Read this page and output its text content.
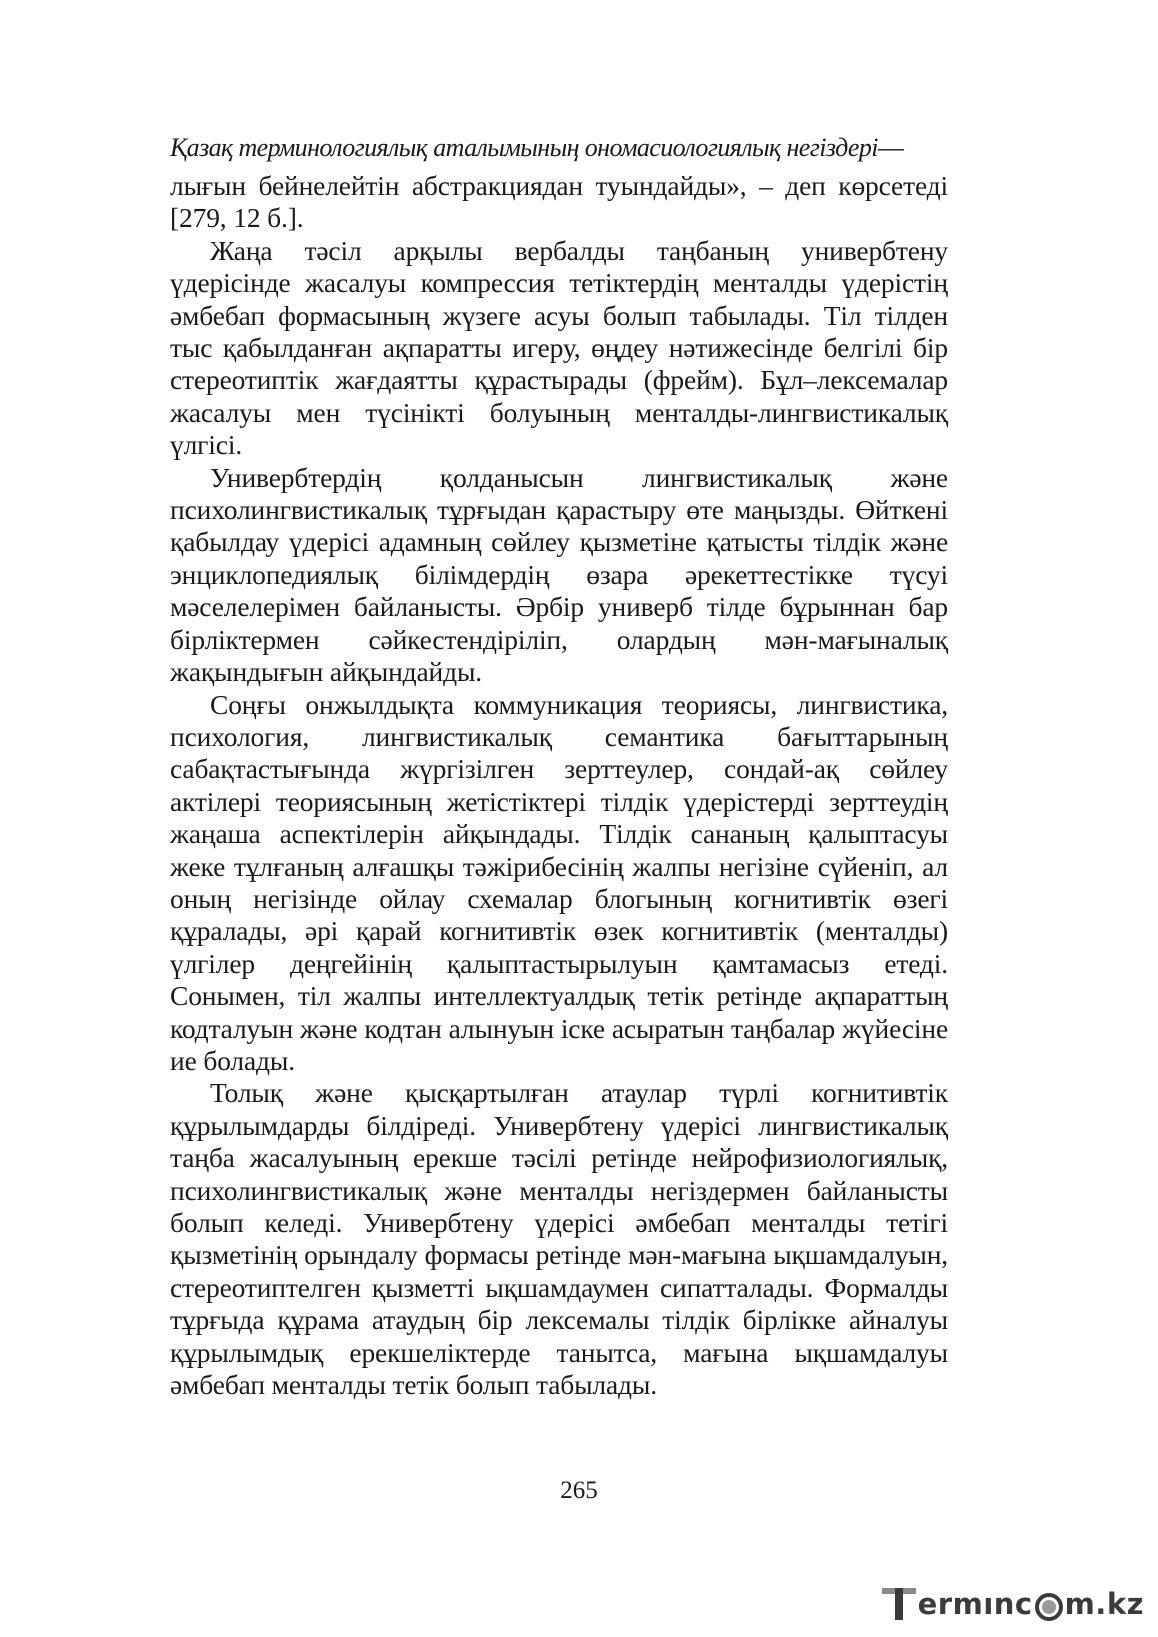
Қазақ терминологиялық аталымының ономасиологиялық негіздері—

лығын бейнелейтін абстракциядан туындайды», – деп көрсетеді [279, 12 б.].

Жаңа тәсіл арқылы вербалды таңбаның универбтену үдерісінде жасалуы компрессия тетіктердің менталды үдерістің әмбебап формасының жүзеге асуы болып табылады. Тіл тілден тыс қабылданған ақпаратты игеру, өңдеу нәтижесінде белгілі бір стереотиптік жағдаятты құрастырады (фрейм). Бұл–лексемалар жасалуы мен түсінікті болуының менталды-лингвистикалық үлгісі.

Универбтердің қолданысын лингвистикалық және психолингвистикалық тұрғыдан қарастыру өте маңызды. Өйткені қабылдау үдерісі адамның сөйлеу қызметіне қатысты тілдік және энциклопедиялық білімдердің өзара әрекеттестікке түсуі мәселелерімен байланысты. Әрбір универб тілде бұрыннан бар бірліктермен сәйкестендіріліп, олардың мән-мағыналық жақындығын айқындайды.

Соңғы онжылдықта коммуникация теориясы, лингвистика, психология, лингвистикалық семантика бағыттарының сабақтастығында жүргізілген зерттеулер, сондай-ақ сөйлеу актілері теориясының жетістіктері тілдік үдерістерді зерттеудің жаңаша аспектілерін айқындады. Тілдік сананың қалыптасуы жеке тұлғаның алғашқы тәжірибесінің жалпы негізіне сүйеніп, ал оның негізінде ойлау схемалар блогының когнитивтік өзегі құралады, әрі қарай когнитивтік өзек когнитивтік (менталды) үлгілер деңгейінің қалыптастырылуын қамтамасыз етеді. Сонымен, тіл жалпы интеллектуалдық тетік ретінде ақпараттың кодталуын және кодтан алынуын іске асыратын таңбалар жүйесіне ие болады.

Толық және қысқартылған атаулар түрлі когнитивтік құрылымдарды білдіреді. Универбтену үдерісі лингвистикалық таңба жасалуының ерекше тәсілі ретінде нейрофизиологиялық, психолингвистикалық және менталды негіздермен байланысты болып келеді. Универбтену үдерісі әмбебап менталды тетігі қызметінің орындалу формасы ретінде мән-мағына ықшамдалуын, стереотиптелген қызметті ықшамдаумен сипатталады. Формалды тұрғыда құрама атаудың бір лексемалы тілдік бірлікке айналуы құрылымдық ерекшеліктерде танытса, мағына ықшамдалуы әмбебап менталды тетік болып табылады.

265
ermınc m.kz
